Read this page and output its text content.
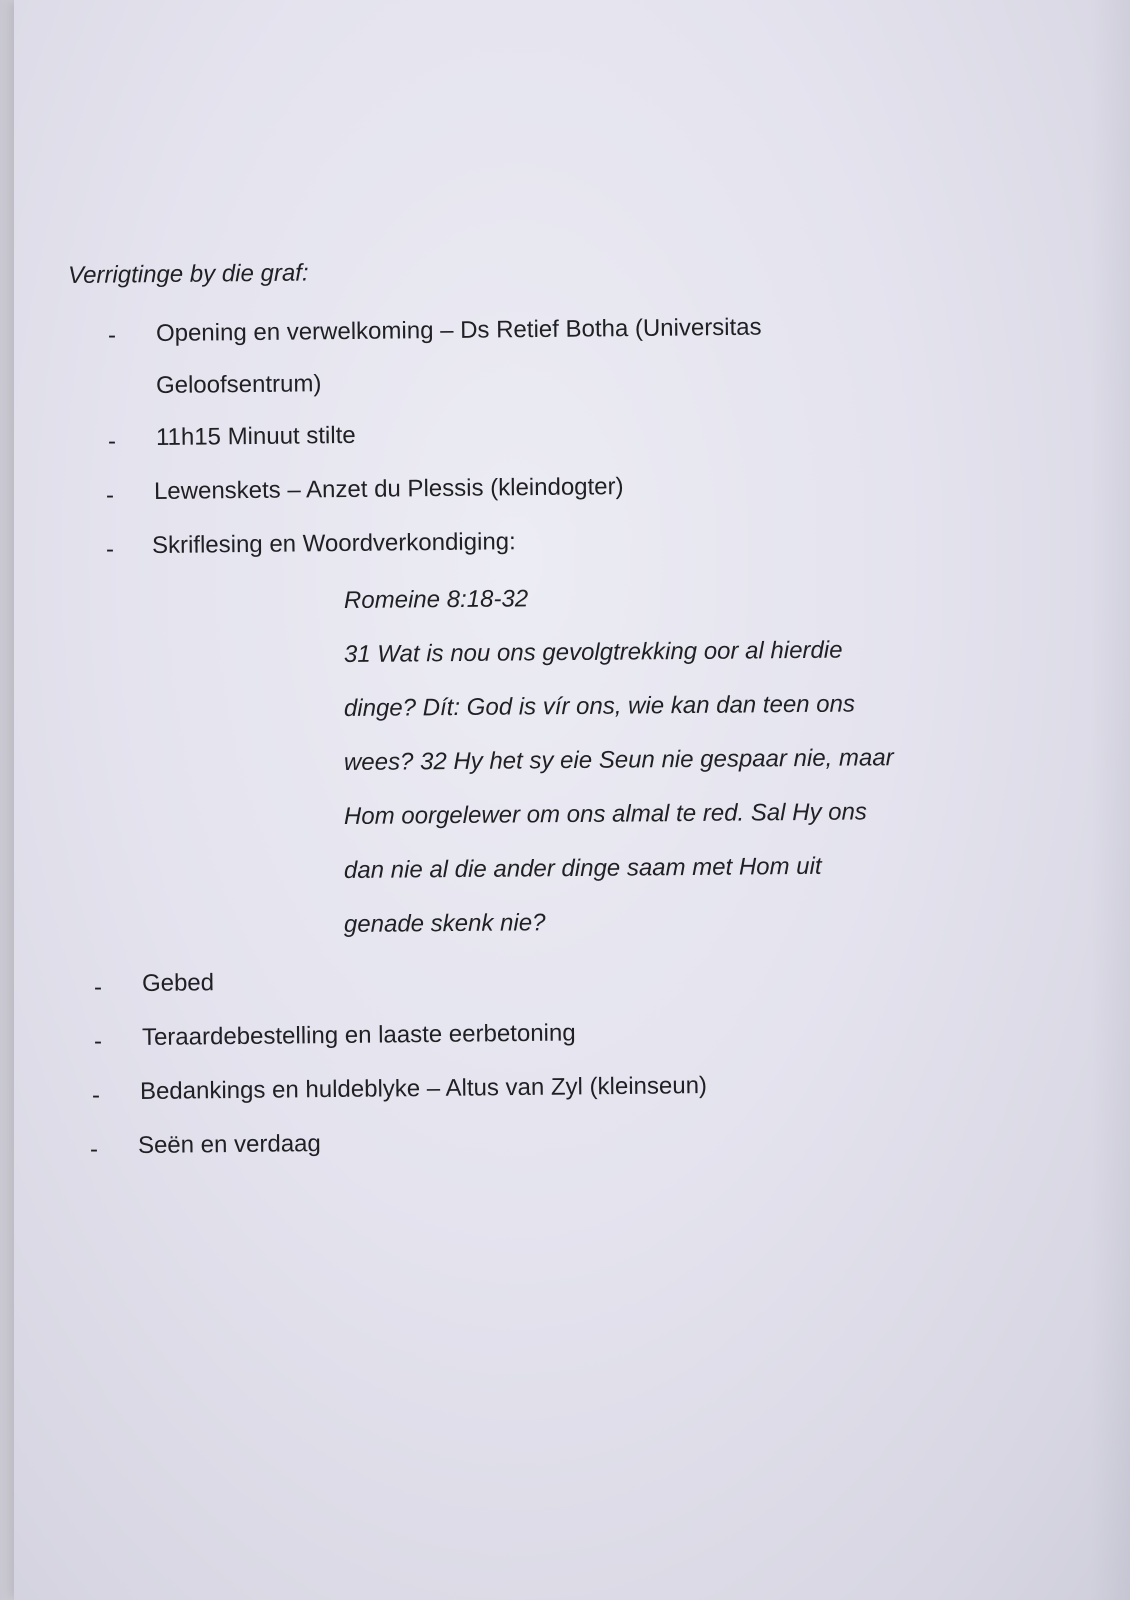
Verrigtinge by die graf:
- Opening en verwelkoming – Ds Retief Botha (Universitas
Geloofsentrum)
- 11h15 Minuut stilte
- Lewenskets – Anzet du Plessis (kleindogter)
- Skriflesing en Woordverkondiging:
Romeine 8:18-32
31 Wat is nou ons gevolgtrekking oor al hierdie
dinge? Dít: God is vír ons, wie kan dan teen ons
wees? 32 Hy het sy eie Seun nie gespaar nie, maar
Hom oorgelewer om ons almal te red. Sal Hy ons
dan nie al die ander dinge saam met Hom uit
genade skenk nie?
- Gebed
- Teraardebestelling en laaste eerbetoning
- Bedankings en huldeblyke – Altus van Zyl (kleinseun)
- Seën en verdaag
